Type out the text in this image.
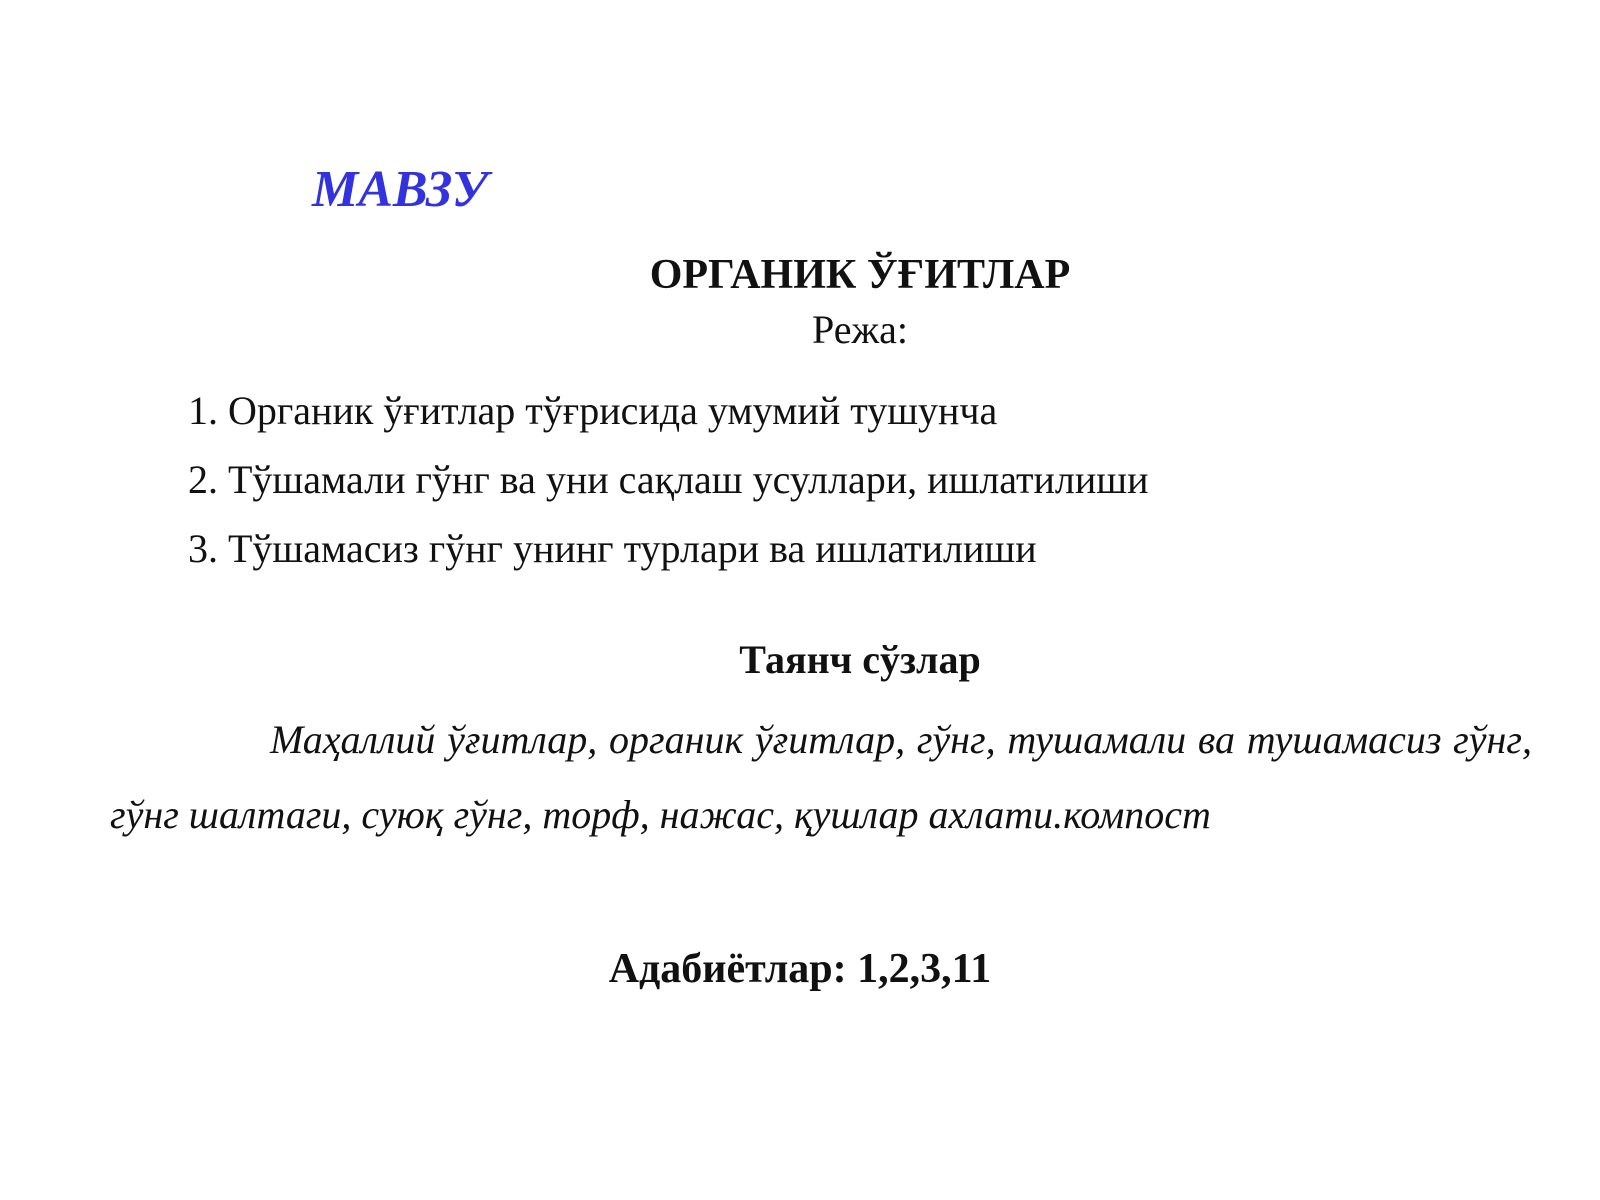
МАВЗУ
ОРГАНИК ЎҒИТЛАР
Режа:
1. Органик ўғитлар тўғрисида умумий тушунча
2. Тўшамали гўнг ва уни сақлаш усуллари, ишлатилиши
3. Тўшамасиз гўнг унинг турлари ва ишлатилиши
Таянч сўзлар

Маҳаллий ўғитлар, органик ўғитлар, гўнг, тушамали ва тушамасиз гўнг, гўнг шалтаги, суюқ гўнг, торф, нажас, қушлар ахлати.компост

Адабиётлар: 1,2,3,11
